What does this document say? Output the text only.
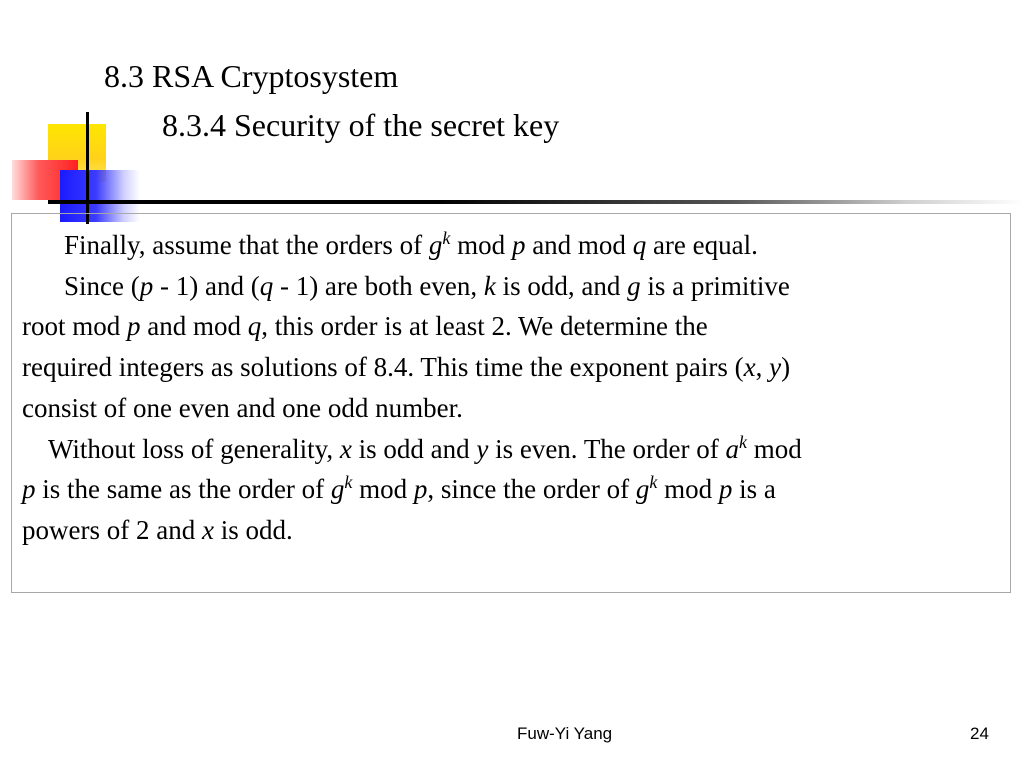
8.3 RSA Cryptosystem
8.3.4 Security of the secret key
Finally, assume that the orders of $g^k$ mod p and mod q are equal.
Since (p - 1) and (q - 1) are both even, k is odd, and g is a primitive
root mod p and mod q, this order is at least 2. We determine the
required integers as solutions of 8.4. This time the exponent pairs (x, y)
consist of one even and one odd number.
Without loss of generality, x is odd and y is even. The order of $a^k$ mod
p is the same as the order of $g^k$ mod p, since the order of $g^k$ mod p is a
powers of 2 and x is odd.
Fuw-Yi Yang	24
